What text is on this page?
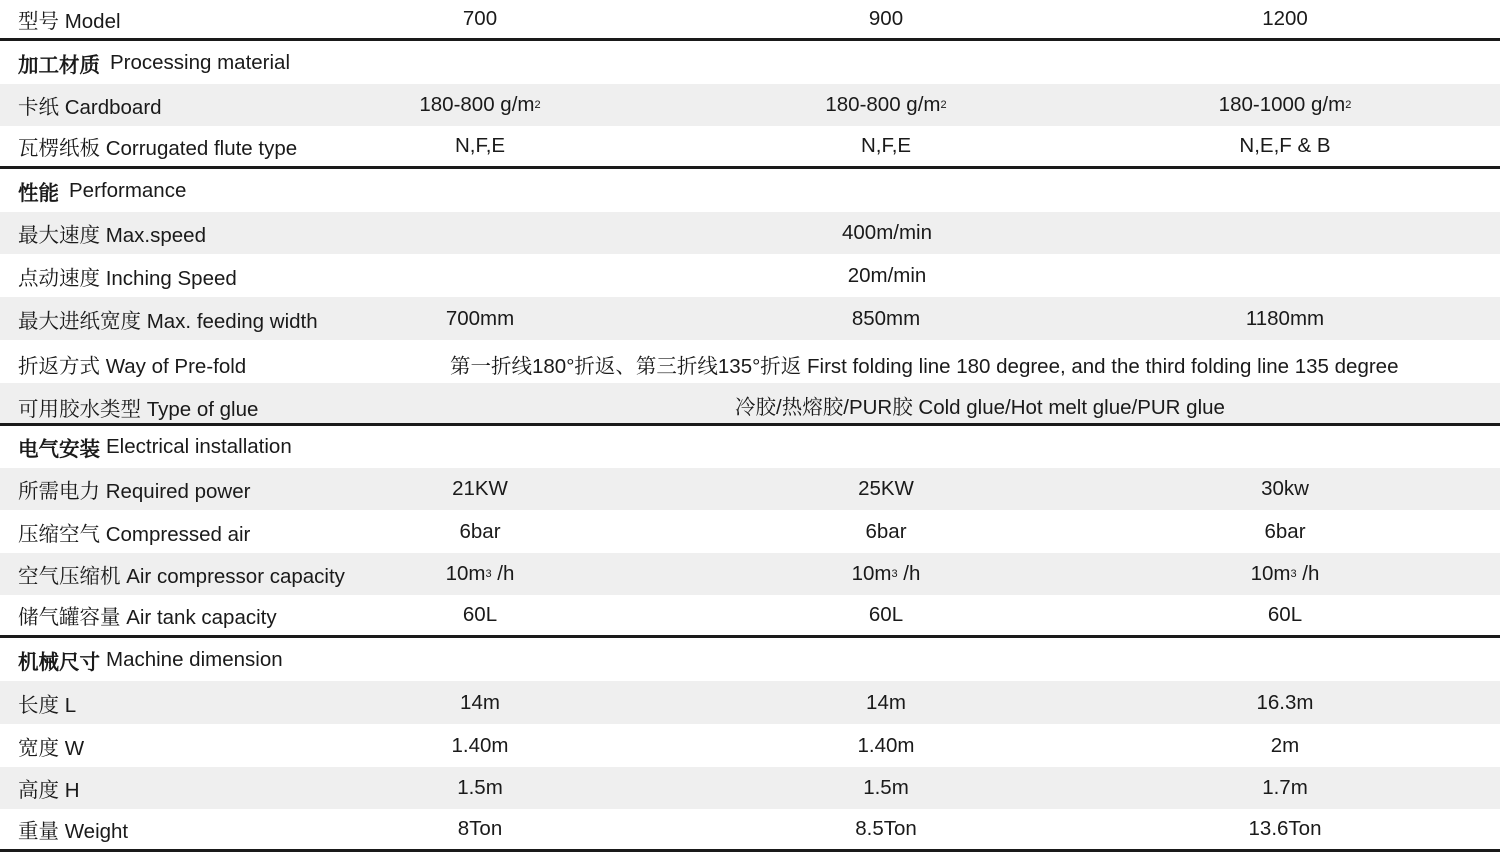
型号 Model	700	900	1200
加工材质 Processing material
卡纸 Cardboard	180-800 g/m 2	180-800 g/m 2	180-1000 g/m 2
瓦楞纸板 Corrugated flute type	N,F,E	N,F,E	N,E,F & B
性能 Performance
最大速度 Max.speed	400m/min
点动速度 Inching Speed	20m/min
最大进纸宽度 Max. feeding width	700mm	850mm	1180mm
折返方式 Way of Pre-fold	第一折线180°折返、第三折线135°折返 First folding line 180 degree, and the third folding line 135 degree
可用胶水类型 Type of glue	冷胶/热熔胶/PUR胶 Cold glue/Hot melt glue/PUR glue
电气安装 Electrical installation
所需电力 Required power	21KW	25KW	30kw
压缩空气 Compressed air	6bar	6bar	6bar
空气压缩机 Air compressor capacity	10m 3 /h	10m 3 /h	10m 3 /h
储气罐容量 Air tank capacity	60L	60L	60L
机械尺寸 Machine dimension
长度 L	14m	14m	16.3m
宽度 W	1.40m	1.40m	2m
高度 H	1.5m	1.5m	1.7m
重量 Weight	8Ton	8.5Ton	13.6Ton
